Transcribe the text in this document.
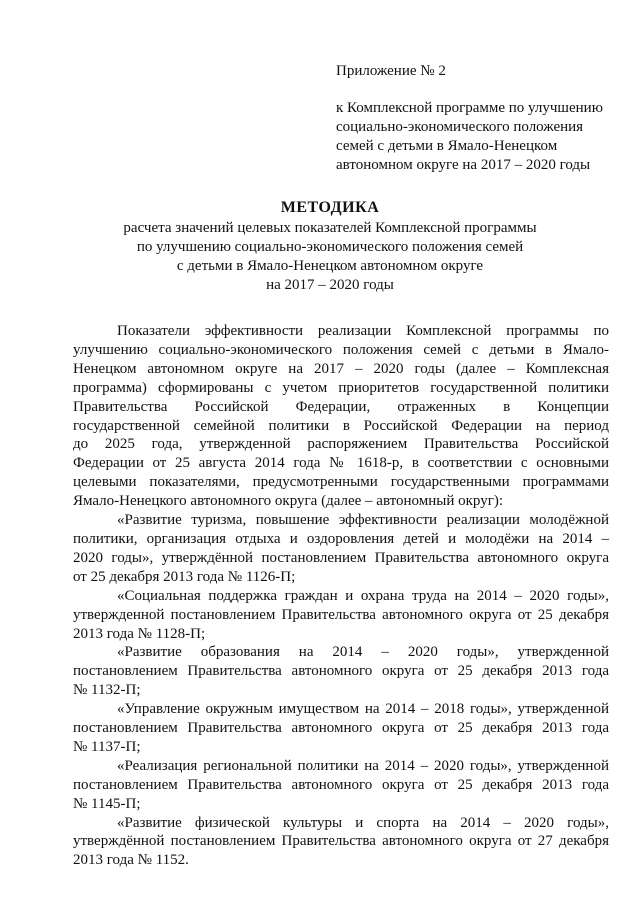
Приложение № 2

к Комплексной программе по улучшению

социально-экономического положения

семей с детьми в Ямало-Ненецком

автономном округе на 2017 – 2020 годы

МЕТОДИКА

расчета значений целевых показателей Комплексной программы

по улучшению социально-экономического положения семей

с детьми в Ямало-Ненецком автономном округе

на 2017 – 2020 годы

Показатели эффективности реализации Комплексной программы по
улучшению социально-экономического положения семей с детьми в Ямало-
Ненецком автономном округе на 2017 – 2020 годы (далее – Комплексная
программа) сформированы с учетом приоритетов государственной политики
Правительства Российской Федерации, отраженных в Концепции
государственной семейной политики в Российской Федерации на период
до 2025 года, утвержденной распоряжением Правительства Российской
Федерации от 25 августа 2014 года № 1618-р, в соответствии с основными
целевыми показателями, предусмотренными государственными программами
Ямало-Ненецкого автономного округа (далее – автономный округ):
«Развитие туризма, повышение эффективности реализации молодёжной
политики, организация отдыха и оздоровления детей и молодёжи на 2014 –
2020 годы», утверждённой постановлением Правительства автономного округа
от 25 декабря 2013 года № 1126-П;
«Социальная поддержка граждан и охрана труда на 2014 – 2020 годы»,
утвержденной постановлением Правительства автономного округа от 25 декабря
2013 года № 1128-П;
«Развитие образования на 2014 – 2020 годы», утвержденной
постановлением Правительства автономного округа от 25 декабря 2013 года
№ 1132-П;
«Управление окружным имуществом на 2014 – 2018 годы», утвержденной
постановлением Правительства автономного округа от 25 декабря 2013 года
№ 1137-П;
«Реализация региональной политики на 2014 – 2020 годы», утвержденной
постановлением Правительства автономного округа от 25 декабря 2013 года
№ 1145-П;
«Развитие физической культуры и спорта на 2014 – 2020 годы»,
утверждённой постановлением Правительства автономного округа от 27 декабря
2013 года № 1152.
